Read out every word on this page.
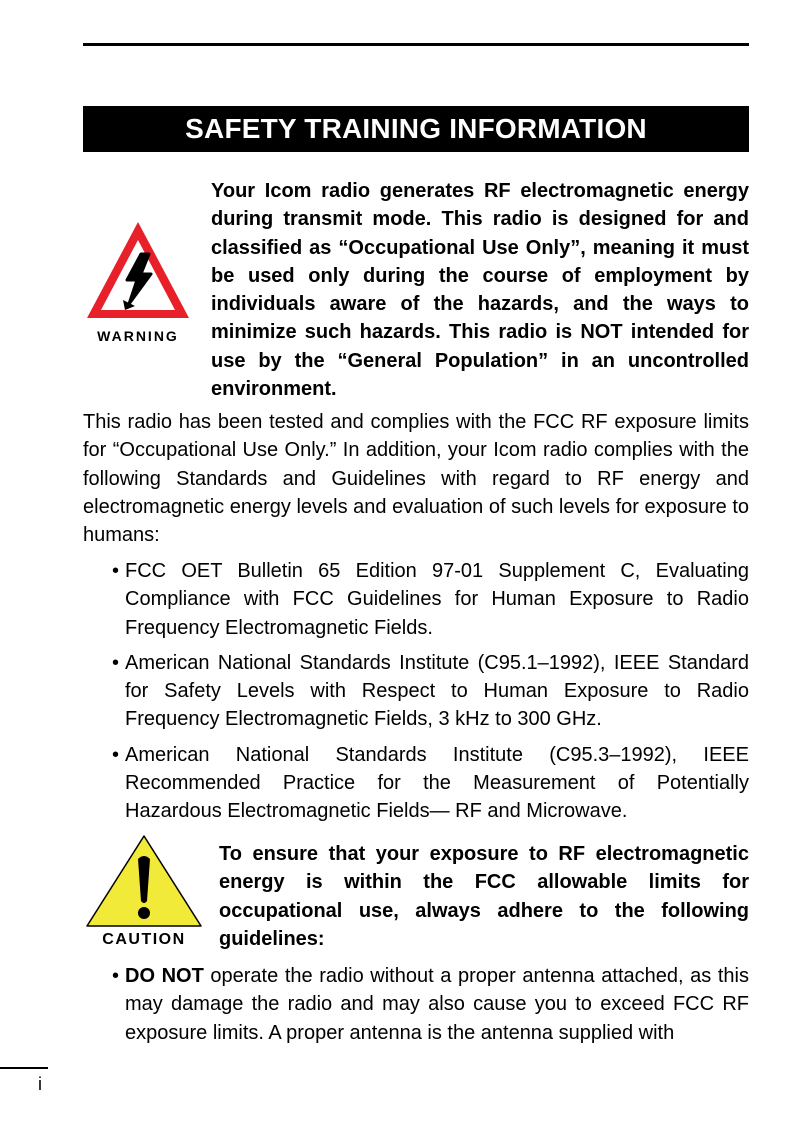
SAFETY TRAINING INFORMATION
WARNING
Your Icom radio generates RF electromagnetic energy during transmit mode. This radio is designed for and classified as “Occupational Use Only”, meaning it must be used only during the course of employment by individuals aware of the hazards, and the ways to minimize such hazards. This radio is NOT intended for use by the “General Population” in an uncontrolled environment.
This radio has been tested and complies with the FCC RF exposure limits for “Occupational Use Only.” In addition, your Icom radio complies with the following Standards and Guidelines with regard to RF energy and electromagnetic energy levels and evaluation of such levels for exposure to humans:
• FCC OET Bulletin 65 Edition 97-01 Supplement C, Evaluating Compliance with FCC Guidelines for Human Exposure to Radio Frequency Electromagnetic Fields.
• American National Standards Institute (C95.1–1992), IEEE Standard for Safety Levels with Respect to Human Exposure to Radio Frequency Electromagnetic Fields, 3 kHz to 300 GHz.
• American National Standards Institute (C95.3–1992), IEEE Recommended Practice for the Measurement of Potentially Hazardous Electromagnetic Fields— RF and Microwave.
CAUTION
To ensure that your exposure to RF electromagnetic energy is within the FCC allowable limits for occupational use, always adhere to the following guidelines:
• DO NOT operate the radio without a proper antenna attached, as this may damage the radio and may also cause you to exceed FCC RF exposure limits. A proper antenna is the antenna supplied with
i
